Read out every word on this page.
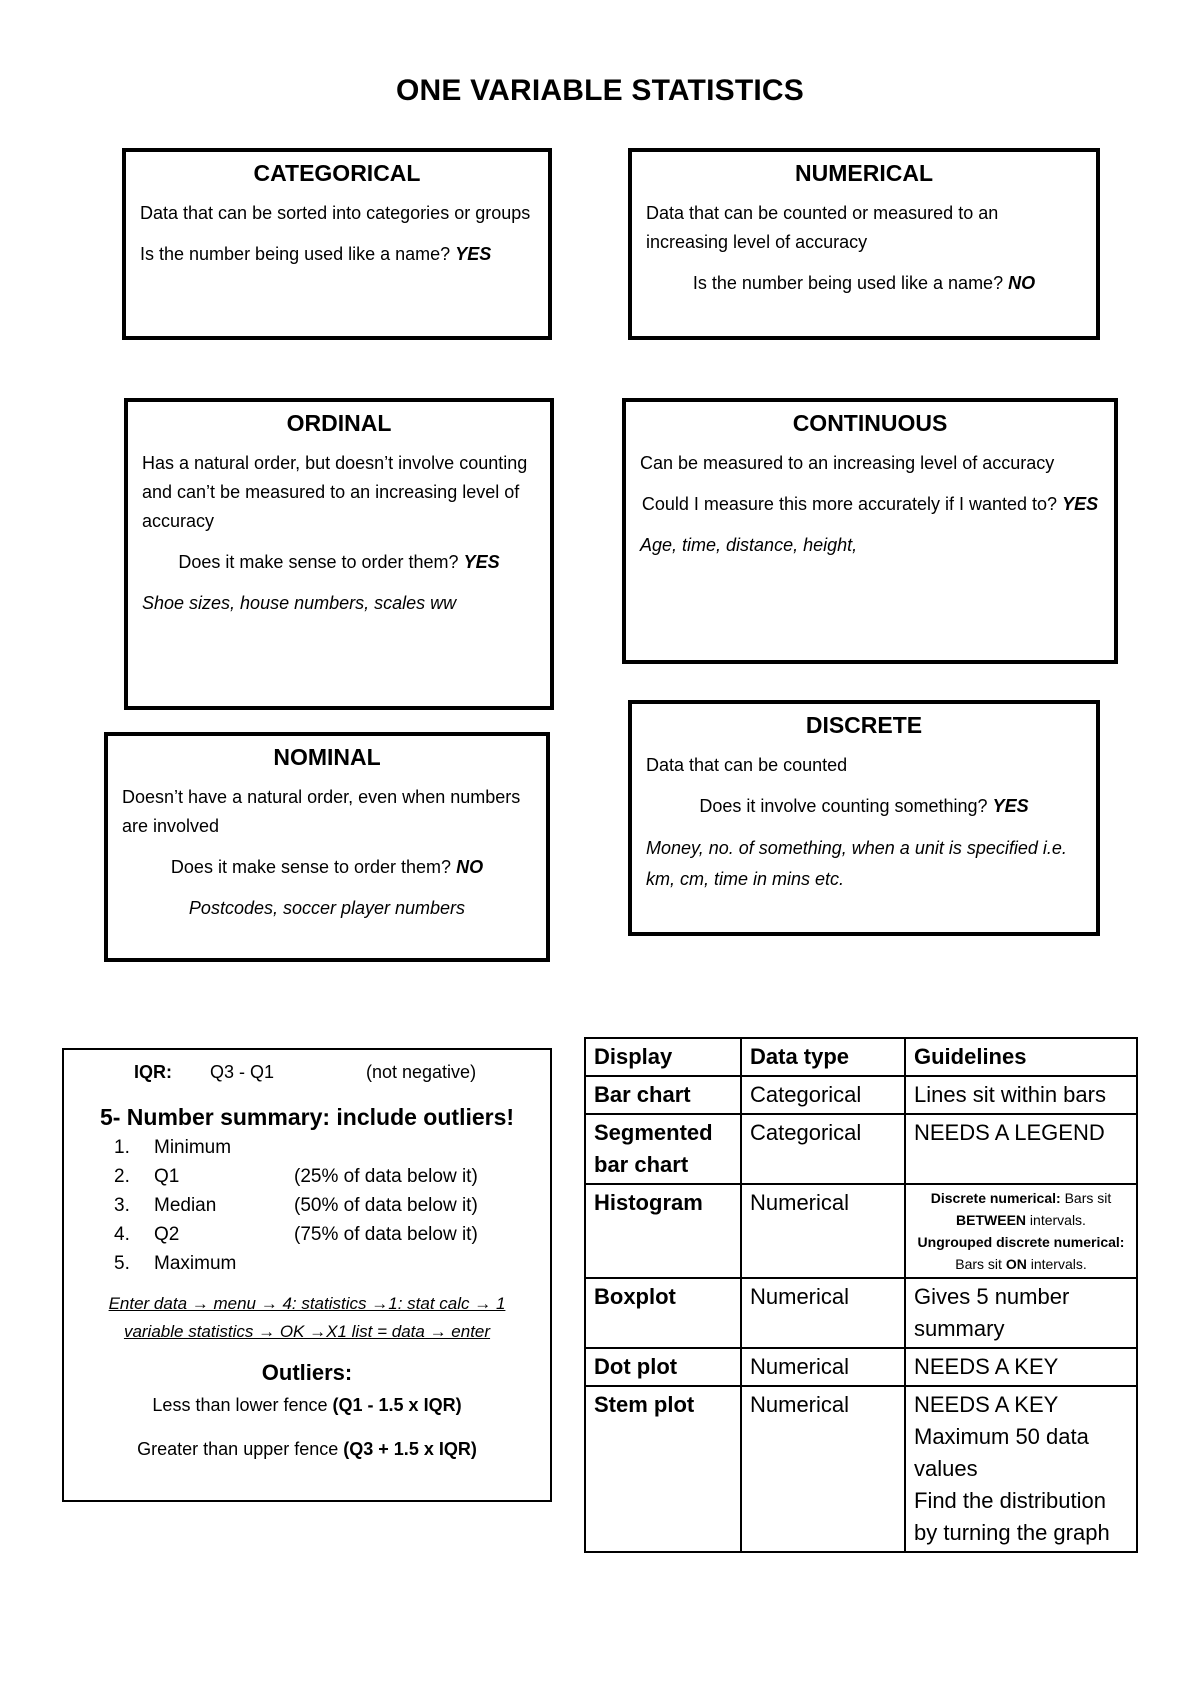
ONE VARIABLE STATISTICS
CATEGORICAL

Data that can be sorted into categories or groups

Is the number being used like a name? YES

NUMERICAL

Data that can be counted or measured to an increasing level of accuracy

Is the number being used like a name? NO

ORDINAL

Has a natural order, but doesn’t involve counting and can’t be measured to an increasing level of accuracy

Does it make sense to order them? YES

Shoe sizes, house numbers, scales ww

CONTINUOUS

Can be measured to an increasing level of accuracy

Could I measure this more accurately if I wanted to? YES

Age, time, distance, height,

NOMINAL

Doesn’t have a natural order, even when numbers are involved

Does it make sense to order them? NO

Postcodes, soccer player numbers

DISCRETE

Data that can be counted

Does it involve counting something? YES

Money, no. of something, when a unit is specified i.e. km, cm, time in mins etc.

IQR: Q3 - Q1	(not negative)
5- Number summary: include outliers!
1. Minimum
2. Q1	(25% of data below it)
3. Median	(50% of data below it)
4. Q2	(75% of data below it)
5. Maximum
Enter data → menu → 4: statistics →1: stat calc → 1
variable statistics → OK →X1 list = data → enter
Outliers:
Less than lower fence (Q1 - 1.5 x IQR)
Greater than upper fence (Q3 + 1.5 x IQR)
Display	Data type	Guidelines
Bar chart	Categorical	Lines sit within bars
Segmented bar chart	Categorical	NEEDS A LEGEND
Histogram	Numerical	Discrete numerical: Bars sit BETWEEN intervals.
Ungrouped discrete numerical: Bars sit ON intervals.
Boxplot	Numerical	Gives 5 number summary
Dot plot	Numerical	NEEDS A KEY
Stem plot	Numerical	NEEDS A KEY
Maximum 50 data values
Find the distribution by turning the graph
